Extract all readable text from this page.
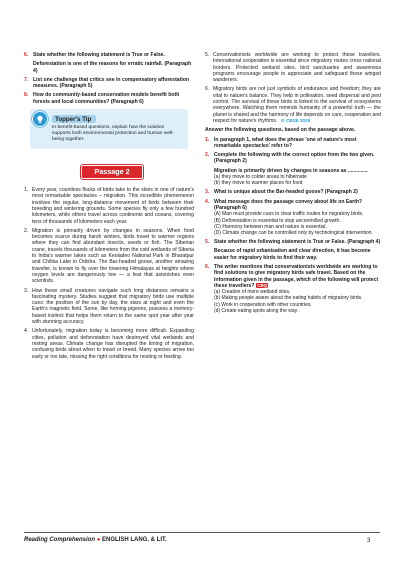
6. State whether the following statement is True or False.
Deforestation is one of the reasons for erratic rainfall. (Paragraph 4)
7. List one challenge that critics see in compensatory afforestation measures. (Paragraph 5)
8. How do community-based conservation models benefit both forests and local communities? (Paragraph 6)
Topper's Tip
In benefit-based questions, explain how the solution supports both environmental protection and human well-being together.
Passage 2
1. Every year, countless flocks of birds take to the skies in one of nature's most remarkable spectacles – migration. This incredible phenomenon involves the regular, long-distance movement of birds between their breeding and wintering grounds. Some species fly only a few hundred kilometers, while others travel across continents and oceans, covering tens of thousands of kilometers each year.
2. Migration is primarily driven by changes in seasons. When food becomes scarce during harsh winters, birds travel to warmer regions where they can find abundant insects, seeds or fish. The Siberian crane, travels thousands of kilometers from the cold wetlands of Siberia to India's warmer lakes such as Keoladeo National Park in Bharatpur and Chilika Lake in Odisha. The Bar-headed goose, another amazing traveller, is known to fly over the towering Himalayas at heights where oxygen levels are dangerously low — a feat that astonishes even scientists.
3. How these small creatures navigate such long distances remains a fascinating mystery. Studies suggest that migratory birds use multiple cues: the position of the sun by day, the stars at night and even the Earth's magnetic field. Some, like homing pigeons, possess a memory-based instinct that helps them return to the same spot year after year with stunning accuracy.
4. Unfortunately, migration today is becoming more difficult. Expanding cities, pollution and deforestation have destroyed vital wetlands and resting areas. Climate change has disrupted the timing of migration, confusing birds about when to travel or breed. Many species arrive too early or too late, missing the right conditions for nesting or feeding.
5. Conservationists worldwide are working to protect these travellers. International cooperation is essential since migratory routes cross national borders. Protected wetland sites, bird sanctuaries and awareness programs encourage people to appreciate and safeguard these winged wanderers.
6. Migratory birds are not just symbols of endurance and freedom; they are vital to nature's balance. They help in pollination, seed dispersal and pest control. The survival of these birds is linked to the survival of ecosystems everywhere. Watching them reminds humanity of a powerful truth — the planet is shared and the harmony of life depends on care, cooperation and respect for nature's rhythms. ⊙ CBSE 2025
Answer the following questions, based on the passage above.
1. In paragraph 1, what does the phrase 'one of nature's most remarkable spectacles' refer to?
2. Complete the following with the correct option from the two given. (Paragraph 2)
Migration is primarily driven by changes in seasons as ..............
(a) they move to colder areas to hibernate
(b) they move to warmer places for food
3. What is unique about the Bar-headed goose? (Paragraph 2)
4. What message does the passage convey about life on Earth? (Paragraph 6)
(A) Man must provide cues to clear traffic routes for migratory birds.
(B) Deforestation is essential to stop uncontrolled growth.
(C) Harmony between man and nature is essential.
(D) Climate change can be controlled only by technological intervention.
5. State whether the following statement is True or False. (Paragraph 4)
Because of rapid urbanisation and clear direction, it has become easier for migratory birds to find their way.
6. The writer mentions that conservationists worldwide are working to find solutions to give migratory birds safe travel. Based on the information given in the passage, which of the following will protect these travellers? CBQ
(a) Creation of more wetland sites.
(b) Making people aware about the eating habits of migratory birds.
(c) Work in cooperation with other countries.
(d) Create eating spots along the way.
Reading Comprehension ● ENGLISH LANG. & LIT.	3
